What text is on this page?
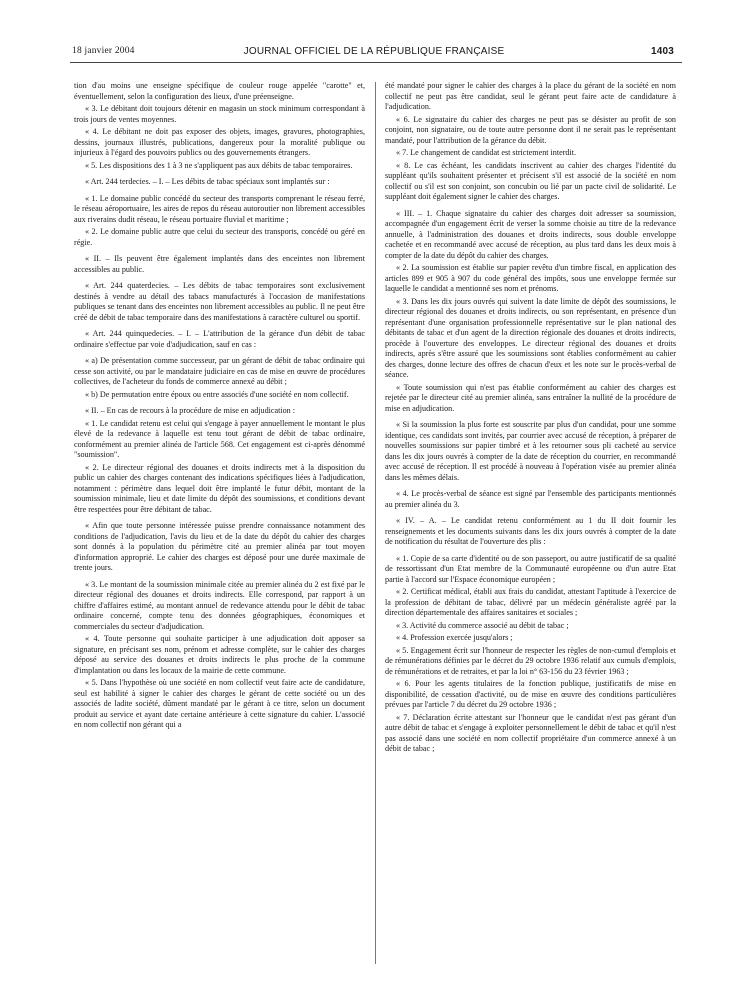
18 janvier 2004	JOURNAL OFFICIEL DE LA RÉPUBLIQUE FRANÇAISE	1403

tion d'au moins une enseigne spécifique de couleur rouge appelée "carotte" et, éventuellement, selon la configuration des lieux, d'une préenseigne.

« 3. Le débitant doit toujours détenir en magasin un stock minimum correspondant à trois jours de ventes moyennes.

« 4. Le débitant ne doit pas exposer des objets, images, gravures, photographies, dessins, journaux illustrés, publications, dangereux pour la moralité publique ou injurieux à l'égard des pouvoirs publics ou des gouvernements étrangers.

« 5. Les dispositions des 1 à 3 ne s'appliquent pas aux débits de tabac temporaires.

« Art. 244 terdecies. – I. – Les débits de tabac spéciaux sont implantés sur :

« 1. Le domaine public concédé du secteur des transports comprenant le réseau ferré, le réseau aéroportuaire, les aires de repos du réseau autoroutier non librement accessibles aux riverains dudit réseau, le réseau portuaire fluvial et maritime ;

« 2. Le domaine public autre que celui du secteur des transports, concédé ou géré en régie.

« II. – Ils peuvent être également implantés dans des enceintes non librement accessibles au public.

« Art. 244 quaterdecies. – Les débits de tabac temporaires sont exclusivement destinés à vendre au détail des tabacs manufacturés à l'occasion de manifestations publiques se tenant dans des enceintes non librement accessibles au public. Il ne peut être créé de débit de tabac temporaire dans des manifestations à caractère culturel ou sportif.

« Art. 244 quinquedecies. – I. – L'attribution de la gérance d'un débit de tabac ordinaire s'effectue par voie d'adjudication, sauf en cas :

« a) De présentation comme successeur, par un gérant de débit de tabac ordinaire qui cesse son activité, ou par le mandataire judiciaire en cas de mise en œuvre de procédures collectives, de l'acheteur du fonds de commerce annexé au débit ;

« b) De permutation entre époux ou entre associés d'une société en nom collectif.

« II. – En cas de recours à la procédure de mise en adjudication :

« 1. Le candidat retenu est celui qui s'engage à payer annuellement le montant le plus élevé de la redevance à laquelle est tenu tout gérant de débit de tabac ordinaire, conformément au premier alinéa de l'article 568. Cet engagement est ci-après dénommé "soumission".

« 2. Le directeur régional des douanes et droits indirects met à la disposition du public un cahier des charges contenant des indications spécifiques liées à l'adjudication, notamment : périmètre dans lequel doit être implanté le futur débit, montant de la soumission minimale, lieu et date limite du dépôt des soumissions, et conditions devant être respectées pour être débitant de tabac.

« Afin que toute personne intéressée puisse prendre connaissance notamment des conditions de l'adjudication, l'avis du lieu et de la date du dépôt du cahier des charges sont donnés à la population du périmètre cité au premier alinéa par tout moyen d'information approprié. Le cahier des charges est déposé pour une durée maximale de trente jours.

« 3. Le montant de la soumission minimale citée au premier alinéa du 2 est fixé par le directeur régional des douanes et droits indirects. Elle correspond, par rapport à un chiffre d'affaires estimé, au montant annuel de redevance attendu pour le débit de tabac ordinaire concerné, compte tenu des données géographiques, économiques et commerciales du secteur d'adjudication.

« 4. Toute personne qui souhaite participer à une adjudication doit apposer sa signature, en précisant ses nom, prénom et adresse complète, sur le cahier des charges déposé au service des douanes et droits indirects le plus proche de la commune d'implantation ou dans les locaux de la mairie de cette commune.

« 5. Dans l'hypothèse où une société en nom collectif veut faire acte de candidature, seul est habilité à signer le cahier des charges le gérant de cette société ou un des associés de ladite société, dûment mandaté par le gérant à ce titre, selon un document produit au service et ayant date certaine antérieure à cette signature du cahier. L'associé en nom collectif non gérant qui a

été mandaté pour signer le cahier des charges à la place du gérant de la société en nom collectif ne peut pas être candidat, seul le gérant peut faire acte de candidature à l'adjudication.

« 6. Le signataire du cahier des charges ne peut pas se désister au profit de son conjoint, non signataire, ou de toute autre personne dont il ne serait pas le représentant mandaté, pour l'attribution de la gérance du débit.

« 7. Le changement de candidat est strictement interdit.

« 8. Le cas échéant, les candidats inscrivent au cahier des charges l'identité du suppléant qu'ils souhaitent présenter et précisent s'il est associé de la société en nom collectif ou s'il est son conjoint, son concubin ou lié par un pacte civil de solidarité. Le suppléant doit également signer le cahier des charges.

« III. – 1. Chaque signataire du cahier des charges doit adresser sa soumission, accompagnée d'un engagement écrit de verser la somme choisie au titre de la redevance annuelle, à l'administration des douanes et droits indirects, sous double enveloppe cachetée et en recommandé avec accusé de réception, au plus tard dans les deux mois à compter de la date du dépôt du cahier des charges.

« 2. La soumission est établie sur papier revêtu d'un timbre fiscal, en application des articles 899 et 905 à 907 du code général des impôts, sous une enveloppe fermée sur laquelle le candidat a mentionné ses nom et prénoms.

« 3. Dans les dix jours ouvrés qui suivent la date limite de dépôt des soumissions, le directeur régional des douanes et droits indirects, ou son représentant, en présence d'un représentant d'une organisation professionnelle représentative sur le plan national des débitants de tabac et d'un agent de la direction régionale des douanes et droits indirects, procède à l'ouverture des enveloppes. Le directeur régional des douanes et droits indirects, après s'être assuré que les soumissions sont établies conformément au cahier des charges, donne lecture des offres de chacun d'eux et les note sur le procès-verbal de séance.

« Toute soumission qui n'est pas établie conformément au cahier des charges est rejetée par le directeur cité au premier alinéa, sans entraîner la nullité de la procédure de mise en adjudication.

« Si la soumission la plus forte est souscrite par plus d'un candidat, pour une somme identique, ces candidats sont invités, par courrier avec accusé de réception, à préparer de nouvelles soumissions sur papier timbré et à les retourner sous pli cacheté au service dans les dix jours ouvrés à compter de la date de réception du courrier, en recommandé avec accusé de réception. Il est procédé à nouveau à l'opération visée au premier alinéa dans les mêmes délais.

« 4. Le procès-verbal de séance est signé par l'ensemble des participants mentionnés au premier alinéa du 3.

« IV. – A. – Le candidat retenu conformément au 1 du II doit fournir les renseignements et les documents suivants dans les dix jours ouvrés à compter de la date de notification du résultat de l'ouverture des plis :

« 1. Copie de sa carte d'identité ou de son passeport, ou autre justificatif de sa qualité de ressortissant d'un Etat membre de la Communauté européenne ou d'un autre Etat partie à l'accord sur l'Espace économique européen ;

« 2. Certificat médical, établi aux frais du candidat, attestant l'aptitude à l'exercice de la profession de débitant de tabac, délivré par un médecin généraliste agréé par la direction départementale des affaires sanitaires et sociales ;

« 3. Activité du commerce associé au débit de tabac ;

« 4. Profession exercée jusqu'alors ;

« 5. Engagement écrit sur l'honneur de respecter les règles de non-cumul d'emplois et de rémunérations définies par le décret du 29 octobre 1936 relatif aux cumuls d'emplois, de rémunérations et de retraites, et par la loi n° 63-156 du 23 février 1963 ;

« 6. Pour les agents titulaires de la fonction publique, justificatifs de mise en disponibilité, de cessation d'activité, ou de mise en œuvre des conditions particulières prévues par l'article 7 du décret du 29 octobre 1936 ;

« 7. Déclaration écrite attestant sur l'honneur que le candidat n'est pas gérant d'un autre débit de tabac et s'engage à exploiter personnellement le débit de tabac et qu'il n'est pas associé dans une société en nom collectif propriétaire d'un commerce annexé à un débit de tabac ;
